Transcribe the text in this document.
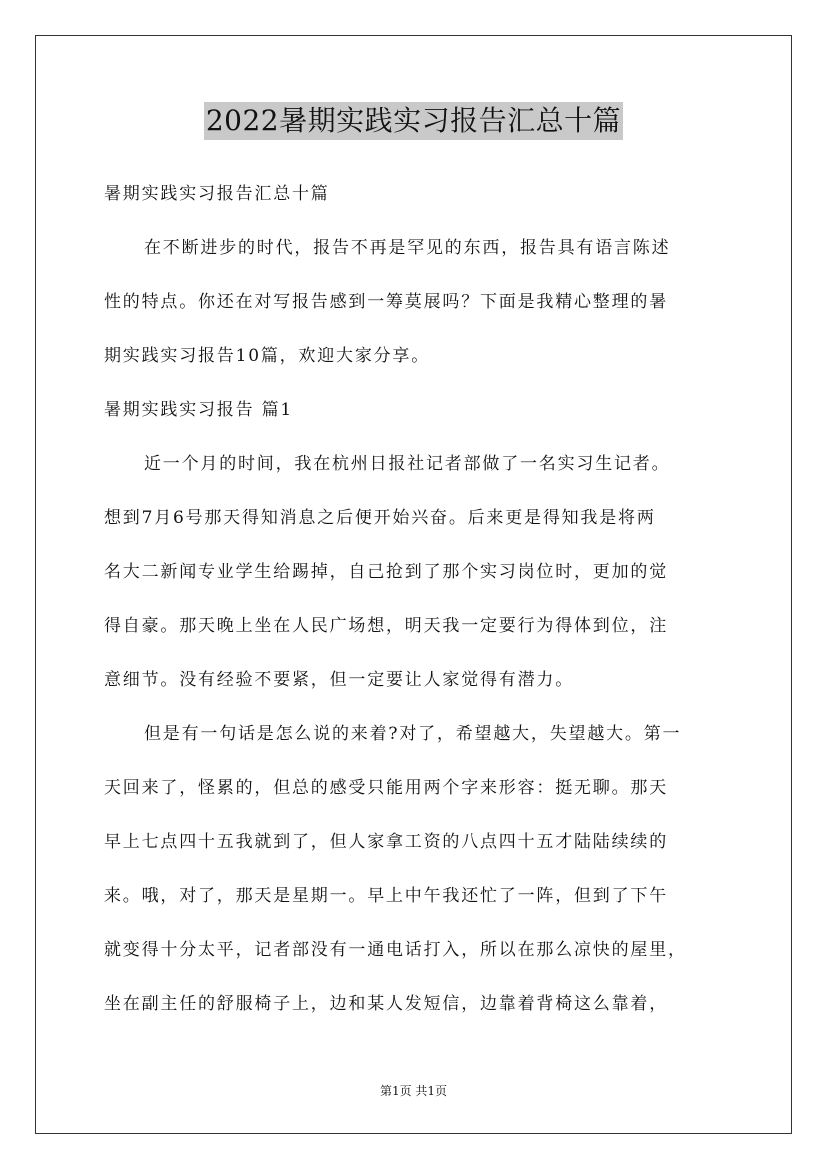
2022暑期实践实习报告汇总十篇
暑期实践实习报告汇总十篇
在不断进步的时代，报告不再是罕见的东西，报告具有语言陈述
性的特点。你还在对写报告感到一筹莫展吗？下面是我精心整理的暑
期实践实习报告10篇，欢迎大家分享。
暑期实践实习报告 篇1
近一个月的时间，我在杭州日报社记者部做了一名实习生记者。
想到7月6号那天得知消息之后便开始兴奋。后来更是得知我是将两
名大二新闻专业学生给踢掉，自己抢到了那个实习岗位时，更加的觉
得自豪。那天晚上坐在人民广场想，明天我一定要行为得体到位，注
意细节。没有经验不要紧，但一定要让人家觉得有潜力。
但是有一句话是怎么说的来着?对了，希望越大，失望越大。第一
天回来了，怪累的，但总的感受只能用两个字来形容：挺无聊。那天
早上七点四十五我就到了，但人家拿工资的八点四十五才陆陆续续的
来。哦，对了，那天是星期一。早上中午我还忙了一阵，但到了下午
就变得十分太平，记者部没有一通电话打入，所以在那么凉快的屋里，
坐在副主任的舒服椅子上，边和某人发短信，边靠着背椅这么靠着，
第1页 共1页
